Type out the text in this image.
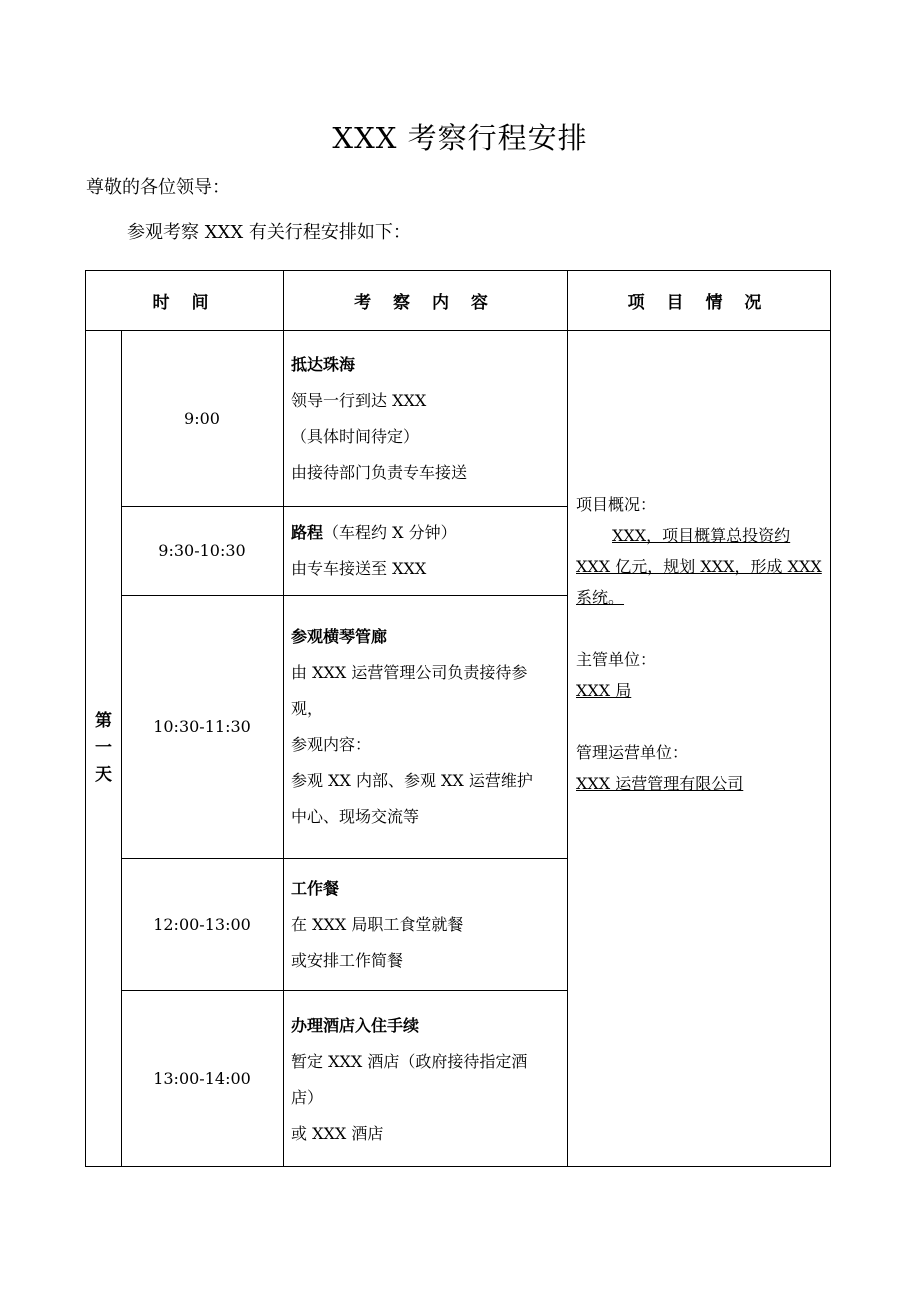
XXX 考察行程安排
尊敬的各位领导：
参观考察 XXX 有关行程安排如下：
时 间	考 察 内 容	项 目 情 况
第
一
天
9:00
抵达珠海
领导一行到达 XXX
（具体时间待定）
由接待部门负责专车接送
9:30-10:30
路程（车程约 X 分钟）
由专车接送至 XXX
10:30-11:30
参观横琴管廊
由 XXX 运营管理公司负责接待参
观，
参观内容：
参观 XX 内部、参观 XX 运营维护
中心、现场交流等
12:00-13:00
工作餐
在 XXX 局职工食堂就餐
或安排工作简餐
13:00-14:00
办理酒店入住手续
暂定 XXX 酒店（政府接待指定酒
店）
或 XXX 酒店
项目概况：
XXX，项目概算总投资约
XXX 亿元，规划 XXX，形成 XXX
系统。
主管单位：
XXX 局
管理运营单位：
XXX 运营管理有限公司
